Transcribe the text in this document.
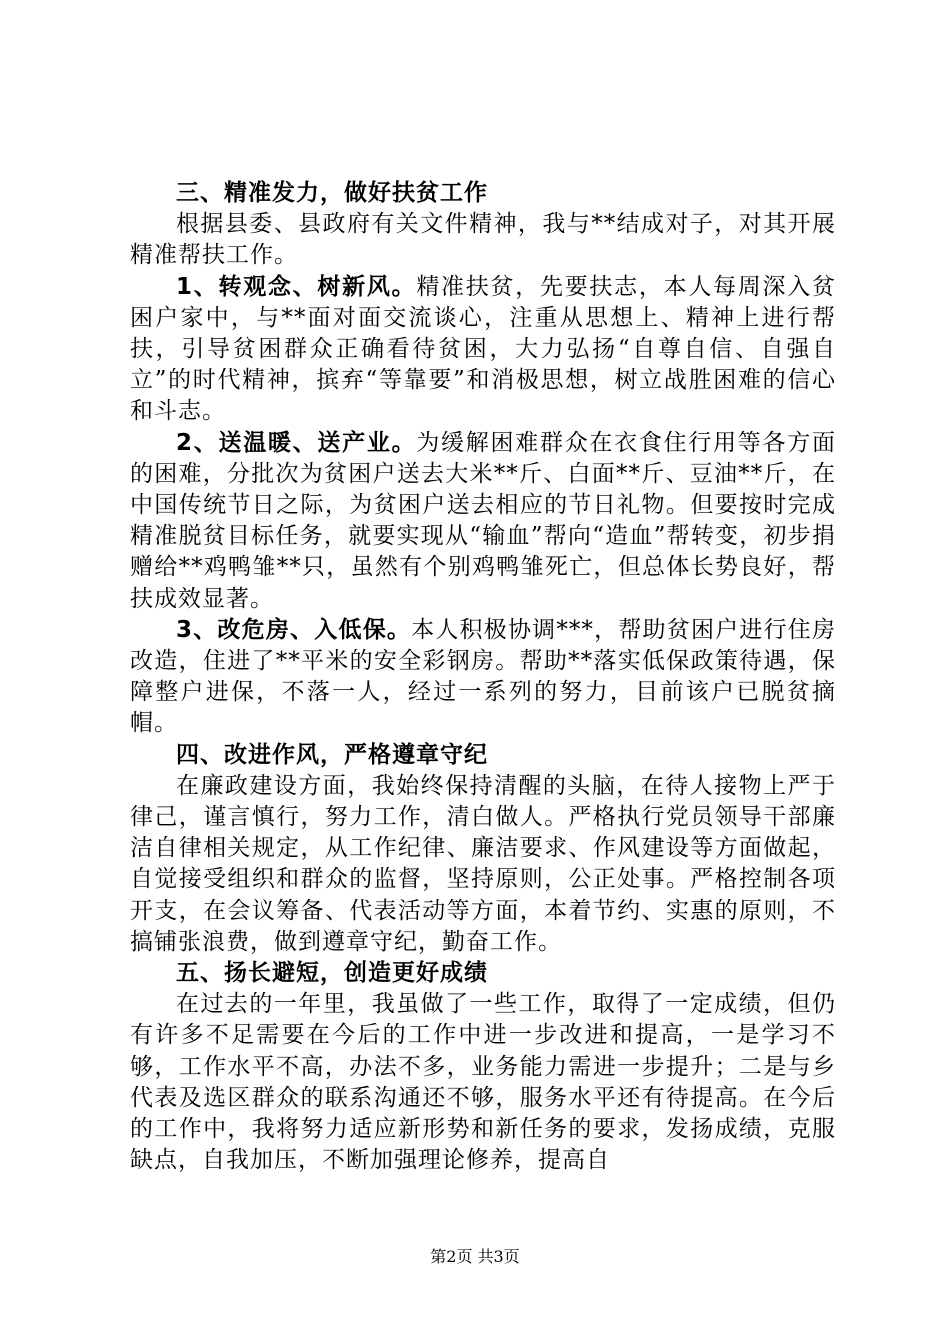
三、精准发力，做好扶贫工作

根据县委、县政府有关文件精神，我与**结成对子，对其开展精准帮扶工作。

1、转观念、树新风。精准扶贫，先要扶志，本人每周深入贫困户家中，与**面对面交流谈心，注重从思想上、精神上进行帮扶，引导贫困群众正确看待贫困，大力弘扬“自尊自信、自强自立”的时代精神，摈弃“等靠要”和消极思想，树立战胜困难的信心和斗志。

2、送温暖、送产业。为缓解困难群众在衣食住行用等各方面的困难，分批次为贫困户送去大米**斤、白面**斤、豆油**斤，在中国传统节日之际，为贫困户送去相应的节日礼物。但要按时完成精准脱贫目标任务，就要实现从“输血”帮向“造血”帮转变，初步捐赠给**鸡鸭雏**只，虽然有个别鸡鸭雏死亡，但总体长势良好，帮扶成效显著。

3、改危房、入低保。本人积极协调***，帮助贫困户进行住房改造，住进了**平米的安全彩钢房。帮助**落实低保政策待遇，保障整户进保，不落一人，经过一系列的努力，目前该户已脱贫摘帽。

四、改进作风，严格遵章守纪

在廉政建设方面，我始终保持清醒的头脑，在待人接物上严于律己，谨言慎行，努力工作，清白做人。严格执行党员领导干部廉洁自律相关规定，从工作纪律、廉洁要求、作风建设等方面做起，自觉接受组织和群众的监督，坚持原则，公正处事。严格控制各项开支，在会议筹备、代表活动等方面，本着节约、实惠的原则，不搞铺张浪费，做到遵章守纪，勤奋工作。

五、扬长避短，创造更好成绩

在过去的一年里，我虽做了一些工作，取得了一定成绩，但仍有许多不足需要在今后的工作中进一步改进和提高，一是学习不够，工作水平不高，办法不多，业务能力需进一步提升；二是与乡代表及选区群众的联系沟通还不够，服务水平还有待提高。在今后的工作中，我将努力适应新形势和新任务的要求，发扬成绩，克服缺点，自我加压，不断加强理论修养，提高自

第2页 共3页
